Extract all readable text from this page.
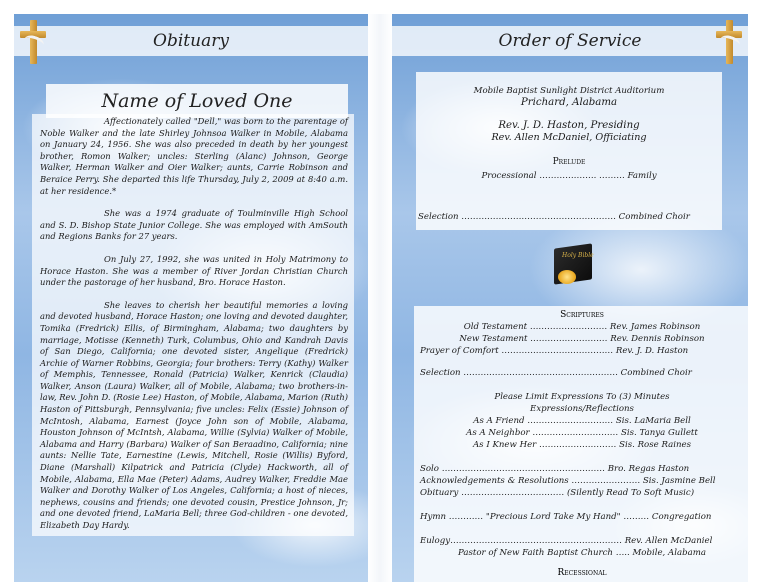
Obituary
Name of Loved One

Affectionately called "Dell," was born to the parentage of Noble Walker and the late Shirley Johnsoa Walker in Mobile, Alabama on January 24, 1956. She was also preceded in death by her youngest brother, Romon Walker; uncles: Sterling (Alanc) Johnson, George Walker, Herman Walker and Oier Walker; aunts, Carrie Robinson and Beraice Perry. She departed this life Thursday, July 2, 2009 at 8:40 a.m. at her residence.*

She was a 1974 graduate of Toulminville High School and S. D. Bishop State Junior College. She was employed with AmSouth and Regions Banks for 27 years.

On July 27, 1992, she was united in Holy Matrimony to Horace Haston. She was a member of River Jordan Christian Church under the pastorage of her husband, Bro. Horace Haston.

She leaves to cherish her beautiful memories a loving and devoted husband, Horace Haston; one loving and devoted daughter, Tomika (Fredrick) Ellis, of Birmingham, Alabama; two daughters by marriage, Motisse (Kenneth) Turk, Columbus, Ohio and Kandrah Davis of San Diego, California; one devoted sister, Angelique (Fredrick) Archie of Warner Robbins, Georgia; four brothers: Terry (Kathy) Walker of Memphis, Tennessee, Ronald (Patricia) Walker, Kenrick (Claudia) Walker, Anson (Laura) Walker, all of Mobile, Alabama; two brothers-in-law, Rev. John D. (Rosie Lee) Haston, of Mobile, Alabama, Marion (Ruth) Haston of Pittsburgh, Pennsylvania; five uncles: Felix (Essie) Johnson of McIntosh, Alabama, Earnest (Joyce John son of Mobile, Alabama, Houston Johnson of McIntsh, Alabama, Willie (Sylvia) Walker of Mobile, Alabama and Harry (Barbara) Walker of San Beraadino, California; nine aunts: Nellie Tate, Earnestine (Lewis, Mitchell, Rosie (Willis) Byford, Diane (Marshall) Kilpatrick and Patricia (Clyde) Hackworth, all of Mobile, Alabama, Ella Mae (Peter) Adams, Audrey Walker, Freddie Mae Walker and Dorothy Walker of Los Angeles, California; a host of nieces, nephews, cousins and friends; one devoted cousin, Prestice Johnson, Jr; and one devoted friend, LaMaria Bell; three God-children - one devoted, Elizabeth Day Hardy.

Order of Service
Mobile Baptist Sunlight District Auditorium
Prichard, Alabama
Rev. J. D. Haston, Presiding
Rev. Allen McDaniel, Officiating
Prelude
Processional ……………….. ……… Family
Selection ……………………………………………… Combined Choir
Holy Bible
Scriptures
Old Testament ……………………… Rev. James Robinson
New Testament ……………………… Rev. Dennis Robinson
Prayer of Comfort ………………………………… Rev. J. D. Haston
Selection ……………………………………………… Combined Choir
Please Limit Expressions To (3) Minutes
Expressions/Reflections
As A Friend ………………………… Sis. LaMaria Bell
As A Neighbor ………………………… Sis. Tanya Gullett
As I Knew Her ……………………… Sis. Rose Raines
Solo ………………………………………………… Bro. Regas Haston
Acknowledgements & Resolutions …………………… Sis. Jasmine Bell
Obituary ……………………………… (Silently Read To Soft Music)
Hymn ………… "Precious Lord Take My Hand" ……… Congregation
Eulogy…………………………………………………… Rev. Allen McDaniel
Pastor of New Faith Baptist Church ….. Mobile, Alabama
Recessional
